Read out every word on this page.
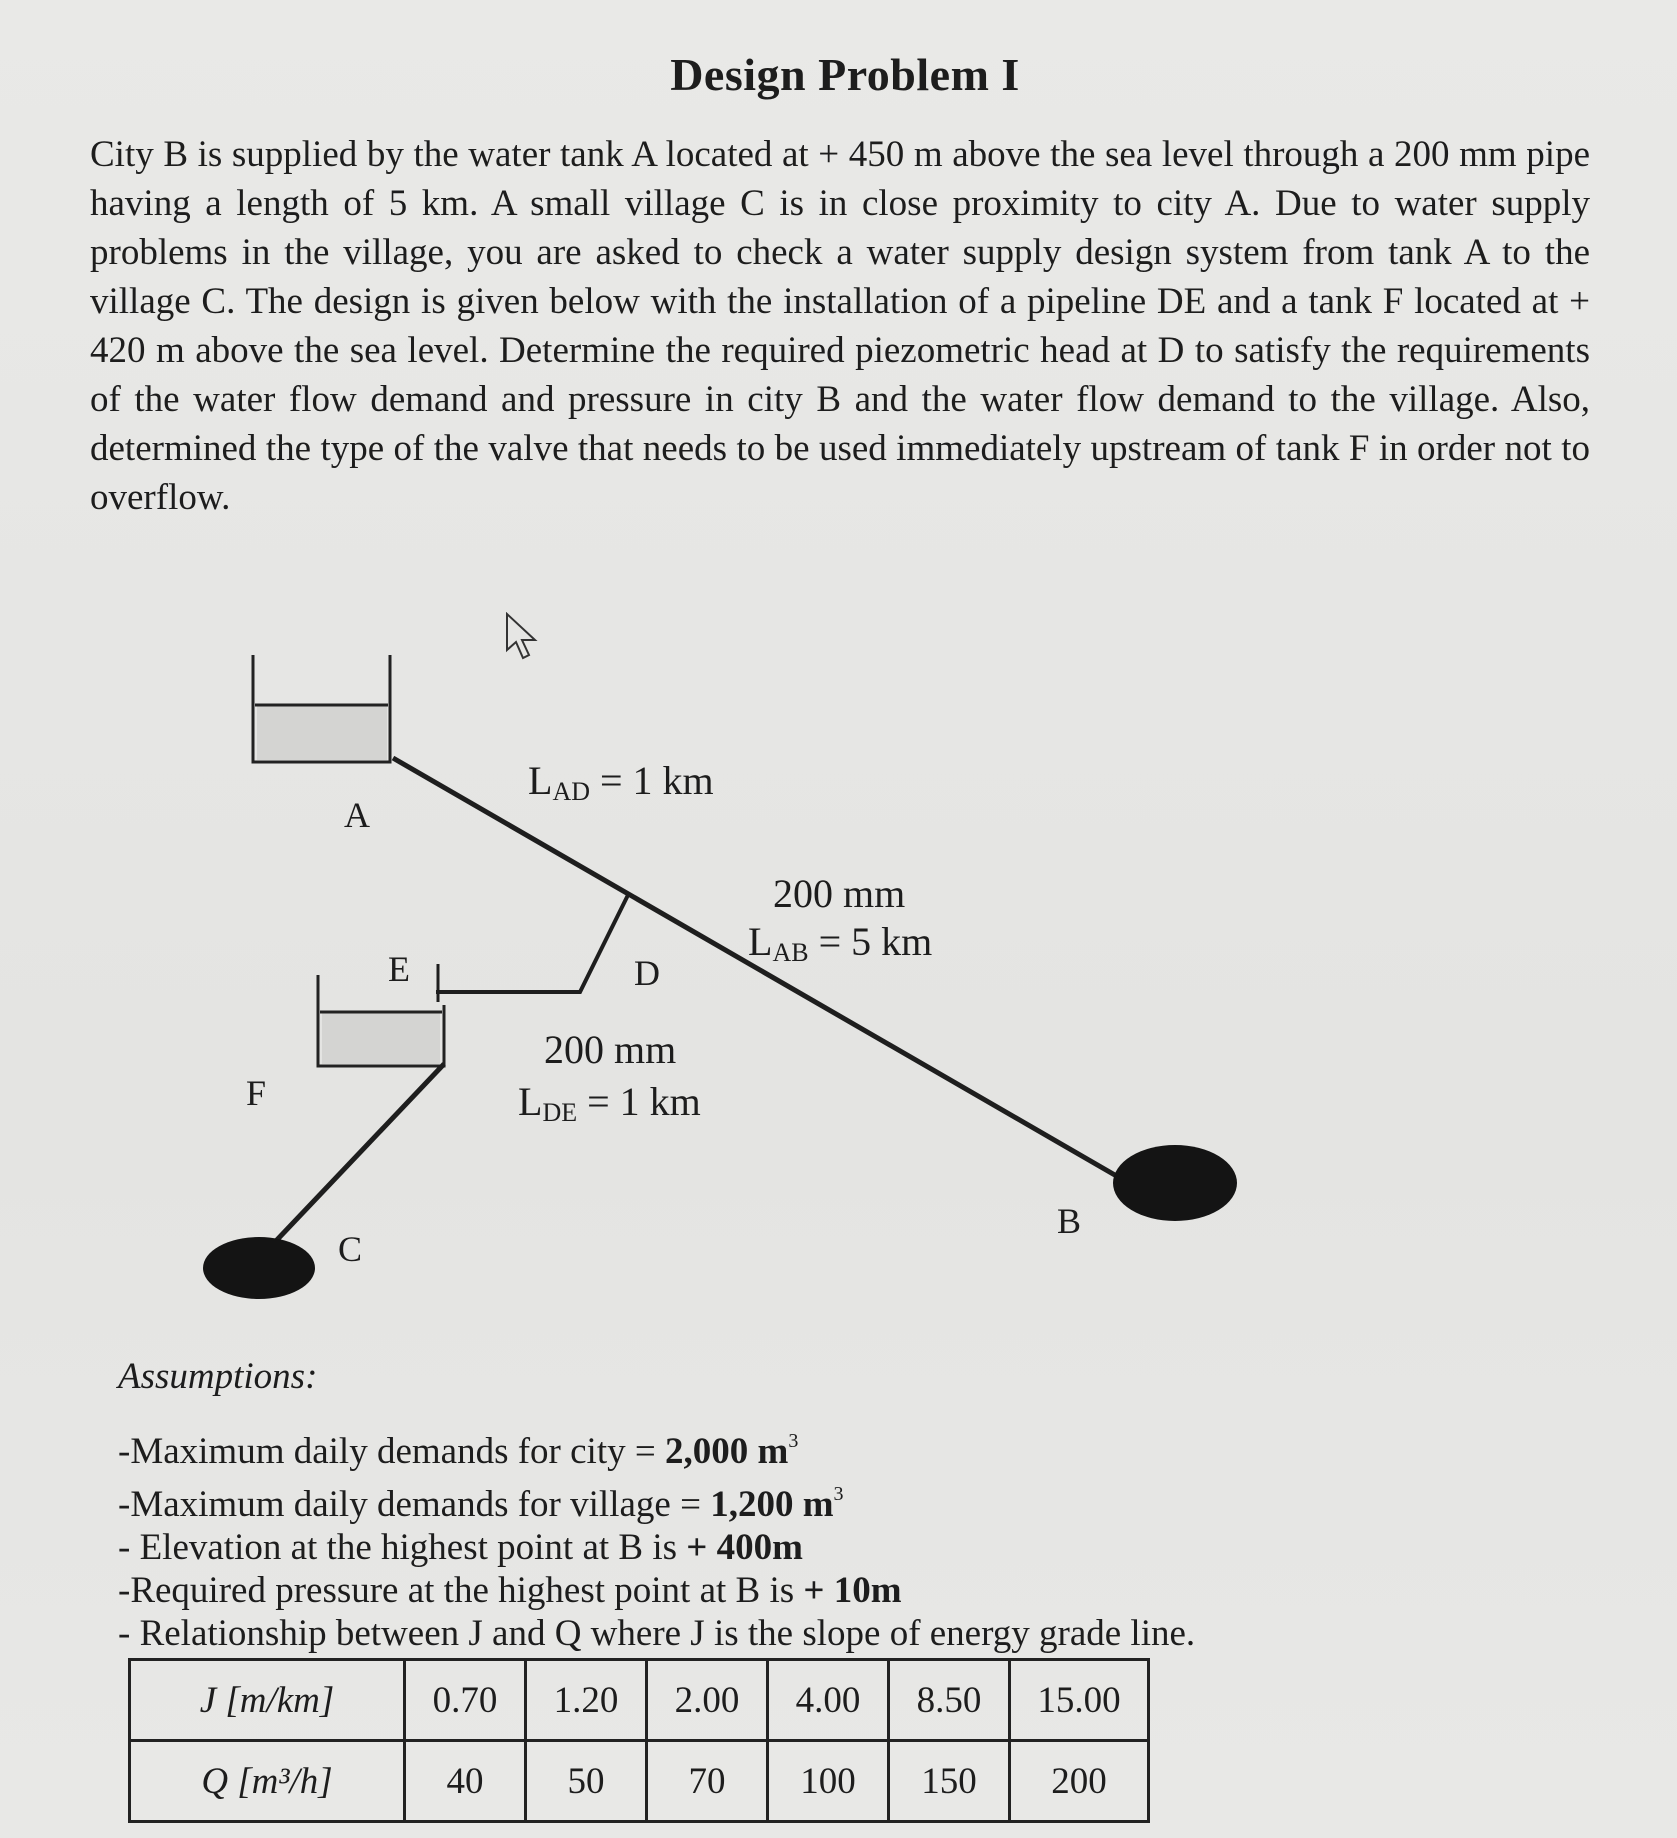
Design Problem I
City B is supplied by the water tank A located at + 450 m above the sea level through a 200 mm pipe having a length of 5 km. A small village C is in close proximity to city A. Due to water supply problems in the village, you are asked to check a water supply design system from tank A to the village C. The design is given below with the installation of a pipeline DE and a tank F located at + 420 m above the sea level. Determine the required piezometric head at D to satisfy the requirements of the water flow demand and pressure in city B and the water flow demand to the village. Also, determined the type of the valve that needs to be used immediately upstream of tank F in order not to overflow.
A
B
C
D
E
F
$L_{AD} = 1$ km
200 mm
$L_{AB} = 5$ km
200 mm
$L_{DE} = 1$ km
Assumptions:
-Maximum daily demands for city = 2,000 $m^3$
-Maximum daily demands for village = 1,200 $m^3$
- Elevation at the highest point at B is + 400m
-Required pressure at the highest point at B is + 10m
- Relationship between J and Q where J is the slope of energy grade line.
J [m/km]	0.70	1.20	2.00	4.00	8.50	15.00
Q [m³/h]	40	50	70	100	150	200
